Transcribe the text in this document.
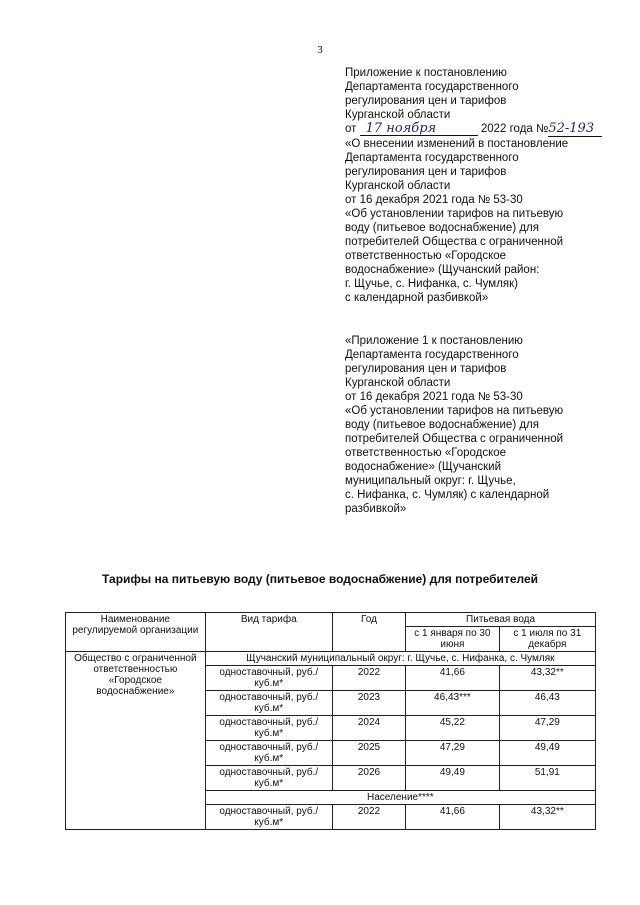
3

Приложение к постановлению

Департамента государственного

регулирования цен и тарифов

Курганской области

от 17 ноября	2022 года №52-193

«О внесении изменений в постановление

Департамента государственного

регулирования цен и тарифов

Курганской области

от 16 декабря 2021 года № 53-30

«Об установлении тарифов на питьевую

воду (питьевое водоснабжение) для

потребителей Общества с ограниченной

ответственностью «Городское

водоснабжение» (Щучанский район:

г. Щучье, с. Нифанка, с. Чумляк)

с календарной разбивкой»

«Приложение 1 к постановлению

Департамента государственного

регулирования цен и тарифов

Курганской области

от 16 декабря 2021 года № 53-30

«Об установлении тарифов на питьевую

воду (питьевое водоснабжение) для

потребителей Общества с ограниченной

ответственностью «Городское

водоснабжение» (Щучанский

муниципальный округ: г. Щучье,

с. Нифанка, с. Чумляк) с календарной

разбивкой»

Тарифы на питьевую воду (питьевое водоснабжение) для потребителей
Наименование регулируемой организации	Вид тарифа	Год	Питьевая вода	
			с 1 января по 30 июня	с 1 июля по 31 декабря
Общество с ограниченной ответственностью «Городское водоснабжение»	Щучанский муниципальный округ: г. Щучье, с. Нифанка, с. Чумляк			
	одноставочный, руб./куб.м*	2022	41,66	43,32**
	одноставочный, руб./куб.м*	2023	46,43***	46,43
	одноставочный, руб./куб.м*	2024	45,22	47,29
	одноставочный, руб./куб.м*	2025	47,29	49,49
	одноставочный, руб./куб.м*	2026	49,49	51,91
	Население****			
	одноставочный, руб./куб.м*	2022	41,66	43,32**
